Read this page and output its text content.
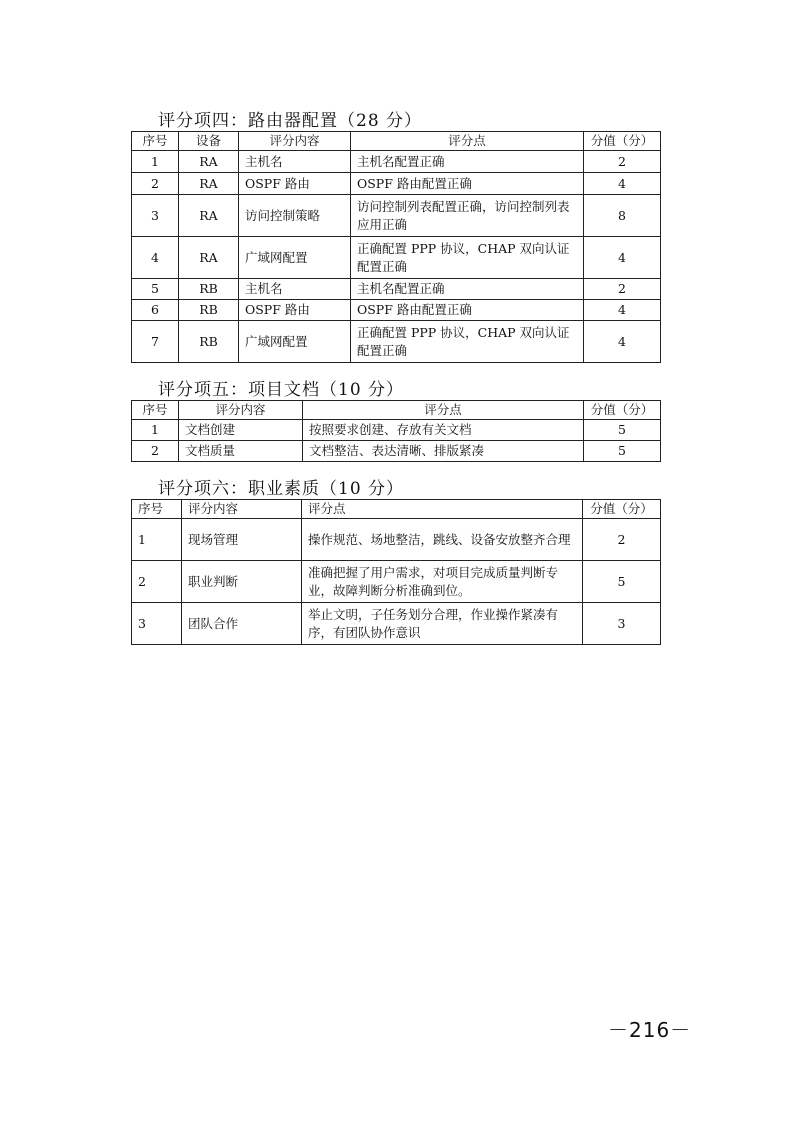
评分项四：路由器配置（28 分）
序号	设备	评分内容	评分点	分值（分）
1	RA	主机名	主机名配置正确	2
2	RA	OSPF 路由	OSPF 路由配置正确	4
3	RA	访问控制策略	访问控制列表配置正确，访问控制列表应用正确	8
4	RA	广域网配置	正确配置 PPP 协议，CHAP 双向认证配置正确	4
5	RB	主机名	主机名配置正确	2
6	RB	OSPF 路由	OSPF 路由配置正确	4
7	RB	广域网配置	正确配置 PPP 协议，CHAP 双向认证配置正确	4
评分项五：项目文档（10 分）
序号	评分内容	评分点	分值（分）
1	文档创建	按照要求创建、存放有关文档	5
2	文档质量	文档整洁、表达清晰、排版紧凑	5
评分项六：职业素质（10 分）
序号	评分内容	评分点	分值（分）
1	现场管理	操作规范、场地整洁，跳线、设备安放整齐合理	2
2	职业判断	准确把握了用户需求，对项目完成质量判断专业，故障判断分析准确到位。	5
3	团队合作	举止文明，子任务划分合理，作业操作紧凑有序，有团队协作意识	3
－216－
